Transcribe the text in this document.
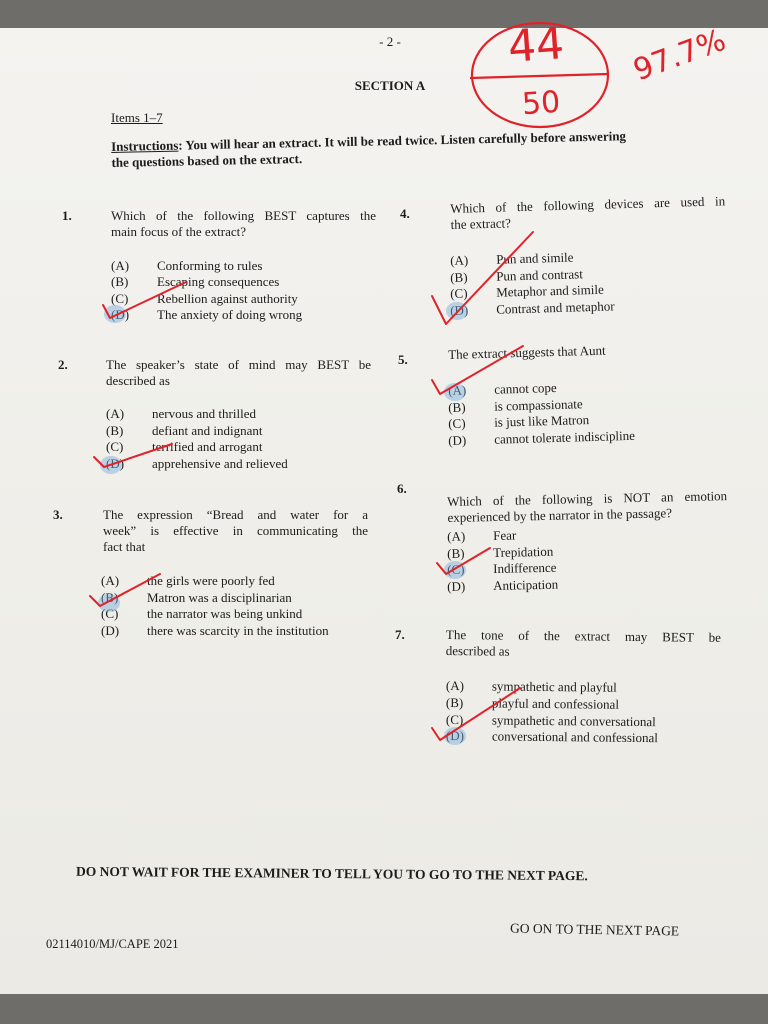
- 2 -
SECTION A
44
50
97.7%
Items 1–7
Instructions: You will hear an extract. It will be read twice. Listen carefully before answering
the questions based on the extract.
1.	Which of the following BEST captures the
main focus of the extract?
(A)	Conforming to rules
(B)	Escaping consequences
(C)	Rebellion against authority
(D)	The anxiety of doing wrong
2.	The speaker’s state of mind may BEST be
described as
(A)	nervous and thrilled
(B)	defiant and indignant
(C)	terrified and arrogant
(D)	apprehensive and relieved
3.	The expression “Bread and water for a
week” is effective in communicating the
fact that
(A)	the girls were poorly fed
(B)	Matron was a disciplinarian
(C)	the narrator was being unkind
(D)	there was scarcity in the institution
4.	Which of the following devices are used in
the extract?
(A)	Pun and simile
(B)	Pun and contrast
(C)	Metaphor and simile
(D)	Contrast and metaphor
5.	The extract suggests that Aunt
(A)	cannot cope
(B)	is compassionate
(C)	is just like Matron
(D)	cannot tolerate indiscipline
6.	Which of the following is NOT an emotion
experienced by the narrator in the passage?
(A)	Fear
(B)	Trepidation
(C)	Indifference
(D)	Anticipation
7.	The tone of the extract may BEST be
described as
(A)	sympathetic and playful
(B)	playful and confessional
(C)	sympathetic and conversational
(D)	conversational and confessional
DO NOT WAIT FOR THE EXAMINER TO TELL YOU TO GO TO THE NEXT PAGE.
GO ON TO THE NEXT PAGE
02114010/MJ/CAPE 2021
